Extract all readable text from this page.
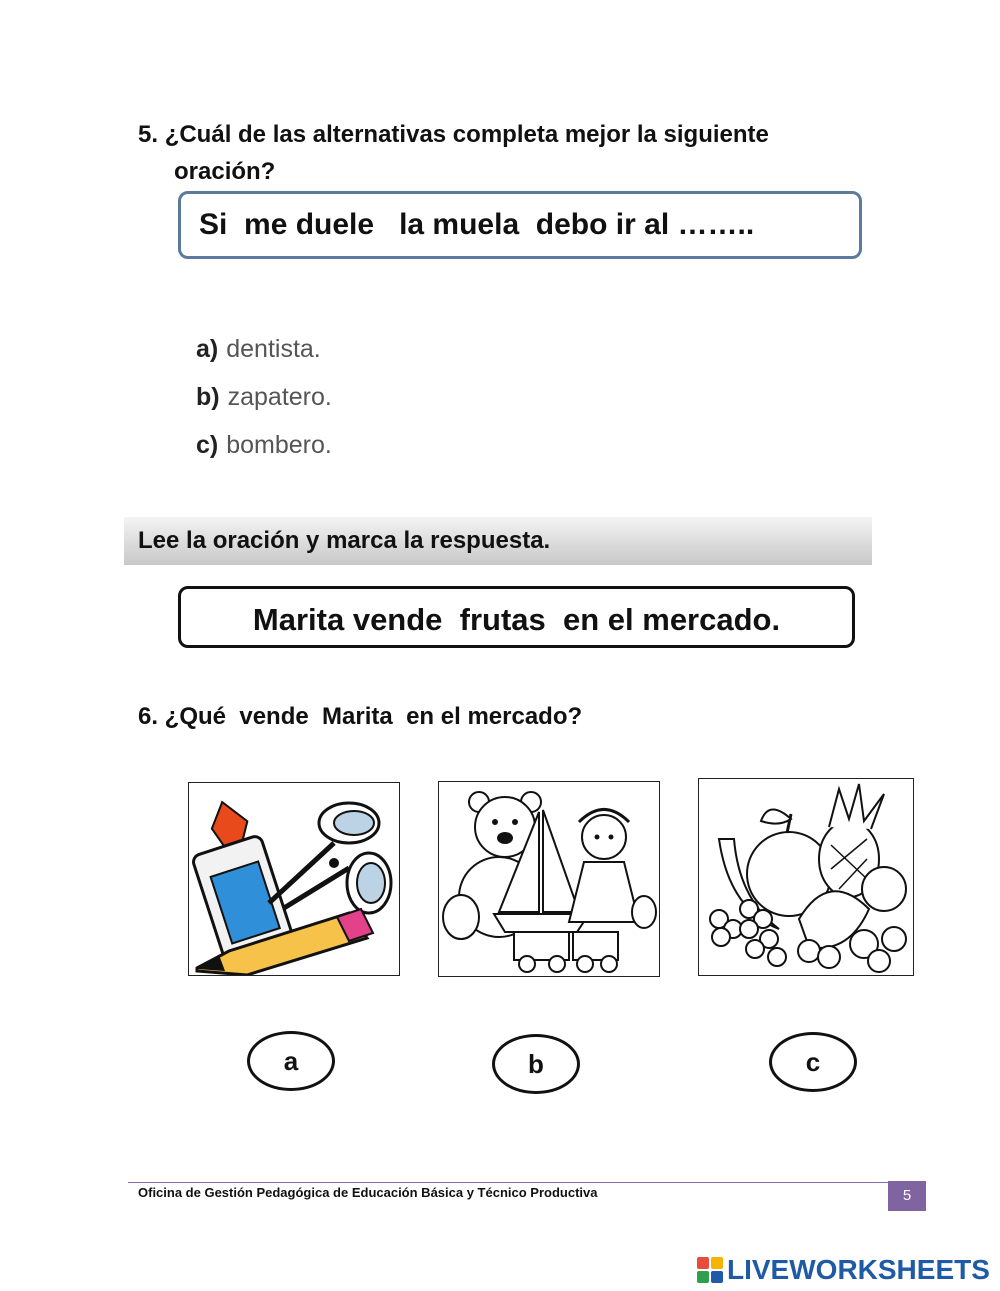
5. ¿Cuál de las alternativas completa mejor la siguiente
oración?
Si  me duele   la muela  debo ir al ……..
a) dentista.
b) zapatero.
c) bombero.
Lee la oración y marca la respuesta.
Marita vende  frutas  en el mercado.
6. ¿Qué  vende  Marita  en el mercado?
a	b	c
Oficina de Gestión Pedagógica de Educación Básica y Técnico Productiva	5
LIVEWORKSHEETS
